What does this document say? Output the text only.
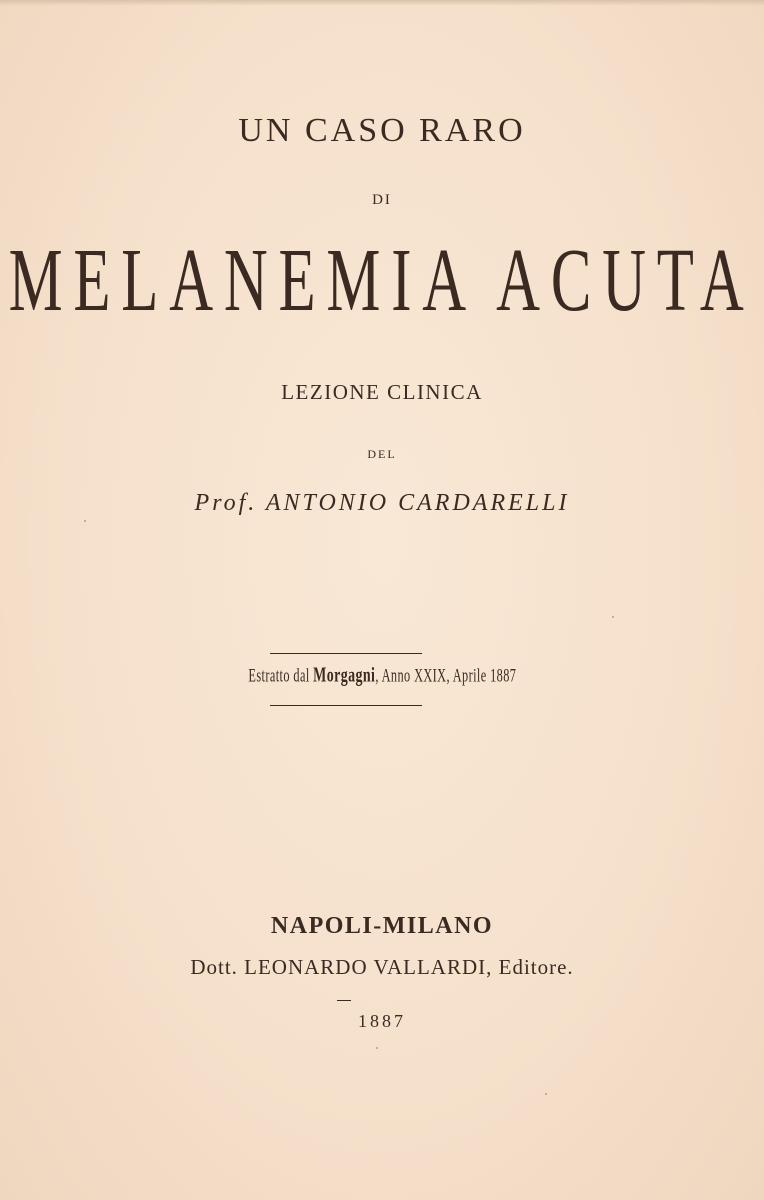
UN CASO RARO
DI
MELANEMIA ACUTA
LEZIONE CLINICA
DEL
Prof. ANTONIO CARDARELLI
Estratto dal Morgagni, Anno XXIX, Aprile 1887
NAPOLI-MILANO
Dott. LEONARDO VALLARDI, Editore.
1887
